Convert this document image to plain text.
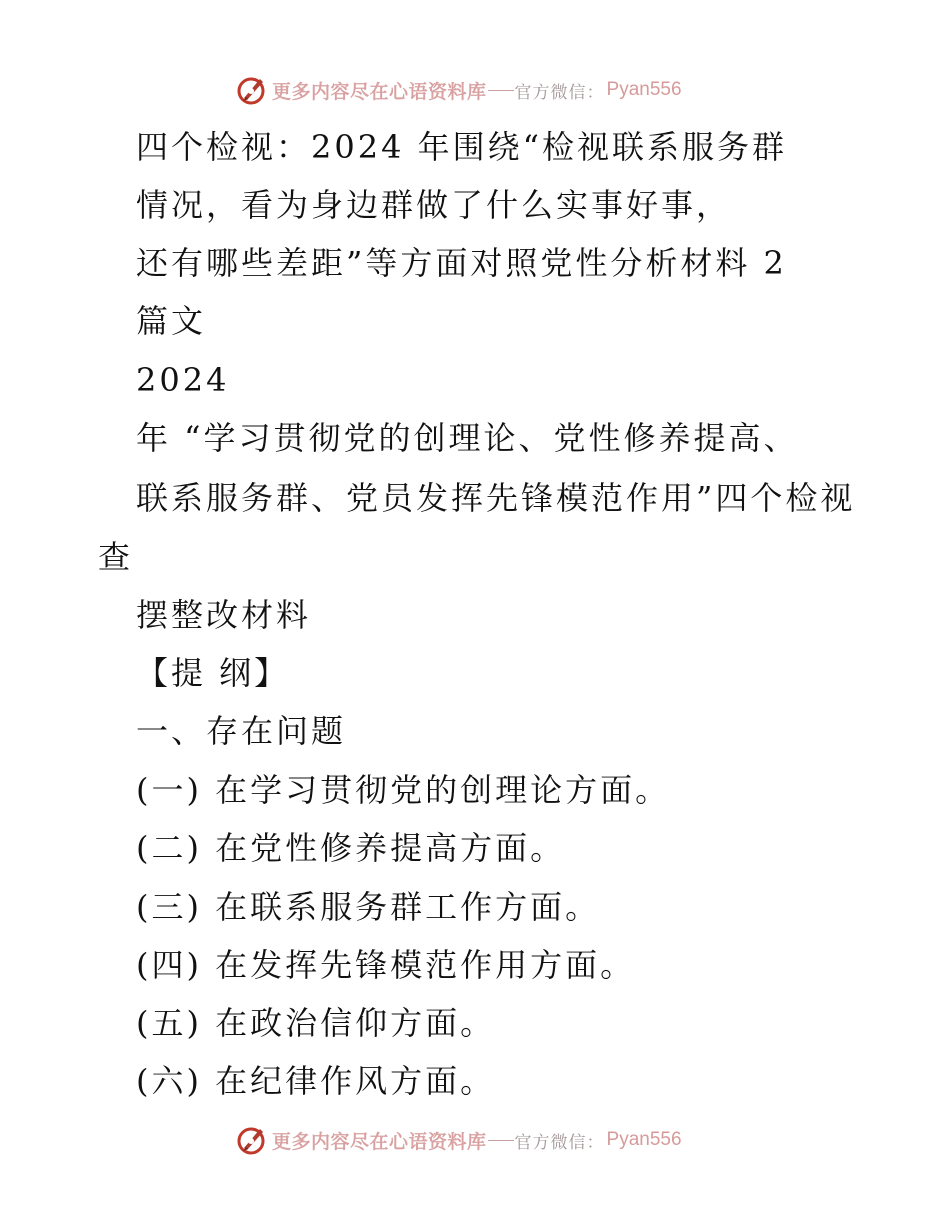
更多内容尽在心语资料库 官方微信 ： Pyan556
四个检视：2024 年围绕“检视联系服务群
情况，看为身边群做了什么实事好事，
还有哪些差距”等方面对照党性分析材料 2
篇文
2024
年 “学习贯彻党的创理论、党性修养提高、
联系服务群、党员发挥先锋模范作用”四个检视
查
摆整改材料
【提 纲】
一、存在问题
(一) 在学习贯彻党的创理论方面。
(二) 在党性修养提高方面。
(三) 在联系服务群工作方面。
(四) 在发挥先锋模范作用方面。
(五) 在政治信仰方面。
(六) 在纪律作风方面。
更多内容尽在心语资料库 官方微信 ： Pyan556
